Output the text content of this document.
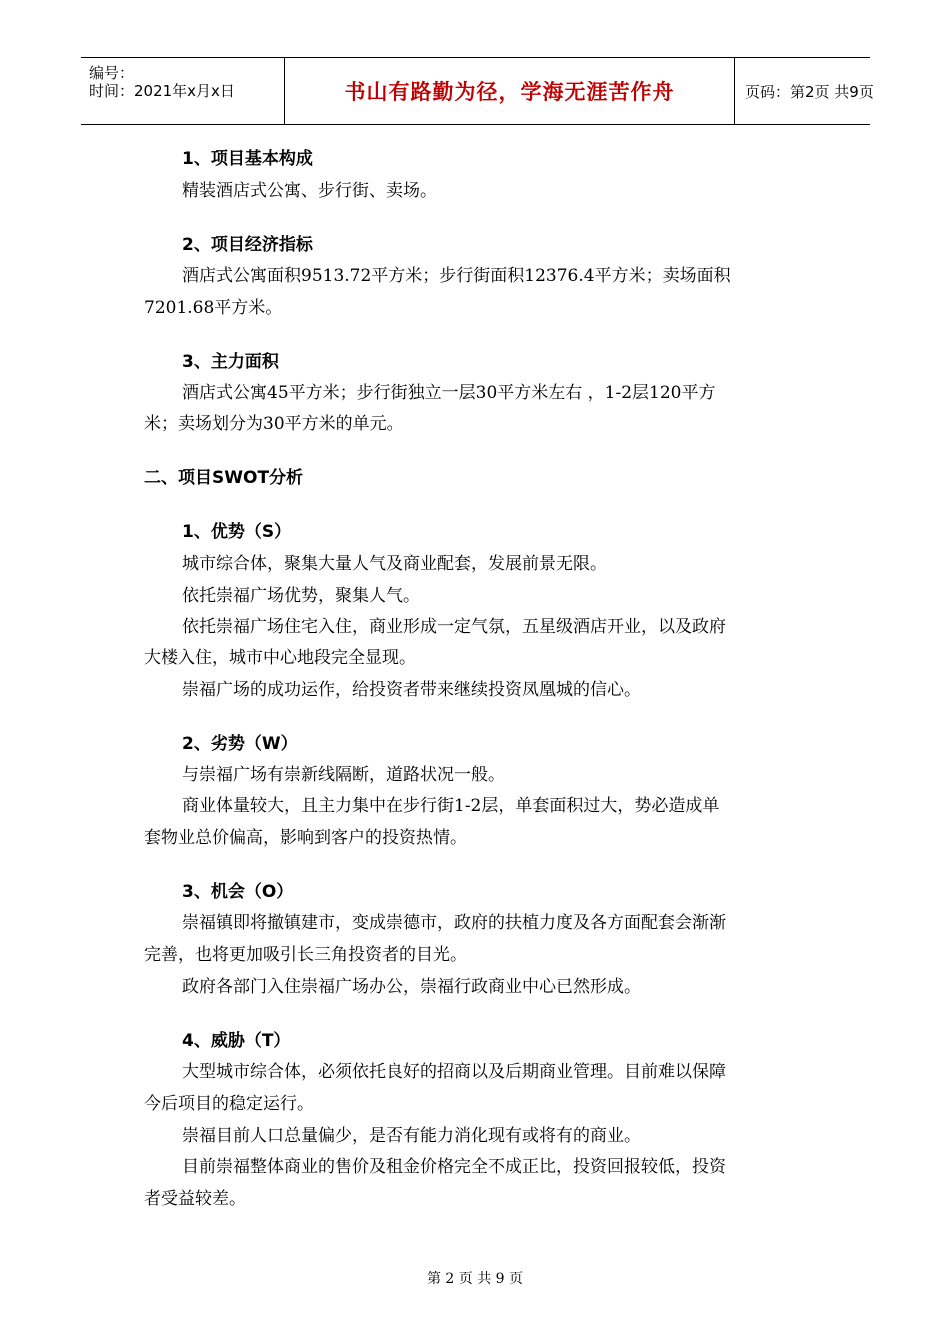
编号：
时间：2021年x月x日	书山有路勤为径，学海无涯苦作舟	页码：第2页 共9页
1、项目基本构成
精装酒店式公寓、步行街、卖场。
2、项目经济指标
酒店式公寓面积9513.72平方米；步行街面积12376.4平方米；卖场面积
7201.68平方米。
3、主力面积
酒店式公寓45平方米；步行街独立一层30平方米左右 ，1-2层120平方
米；卖场划分为30平方米的单元。
二、项目SWOT分析
1、优势（S）
城市综合体，聚集大量人气及商业配套，发展前景无限。
依托崇福广场优势，聚集人气。
依托崇福广场住宅入住，商业形成一定气氛，五星级酒店开业，以及政府
大楼入住，城市中心地段完全显现。
崇福广场的成功运作，给投资者带来继续投资凤凰城的信心。
2、劣势（W）
与崇福广场有崇新线隔断，道路状况一般。
商业体量较大，且主力集中在步行街1-2层，单套面积过大，势必造成单
套物业总价偏高，影响到客户的投资热情。
3、机会（O）
崇福镇即将撤镇建市，变成崇德市，政府的扶植力度及各方面配套会渐渐
完善，也将更加吸引长三角投资者的目光。
政府各部门入住崇福广场办公，崇福行政商业中心已然形成。
4、威胁（T）
大型城市综合体，必须依托良好的招商以及后期商业管理。目前难以保障
今后项目的稳定运行。
崇福目前人口总量偏少，是否有能力消化现有或将有的商业。
目前崇福整体商业的售价及租金价格完全不成正比，投资回报较低，投资
者受益较差。
第 2 页 共 9 页
